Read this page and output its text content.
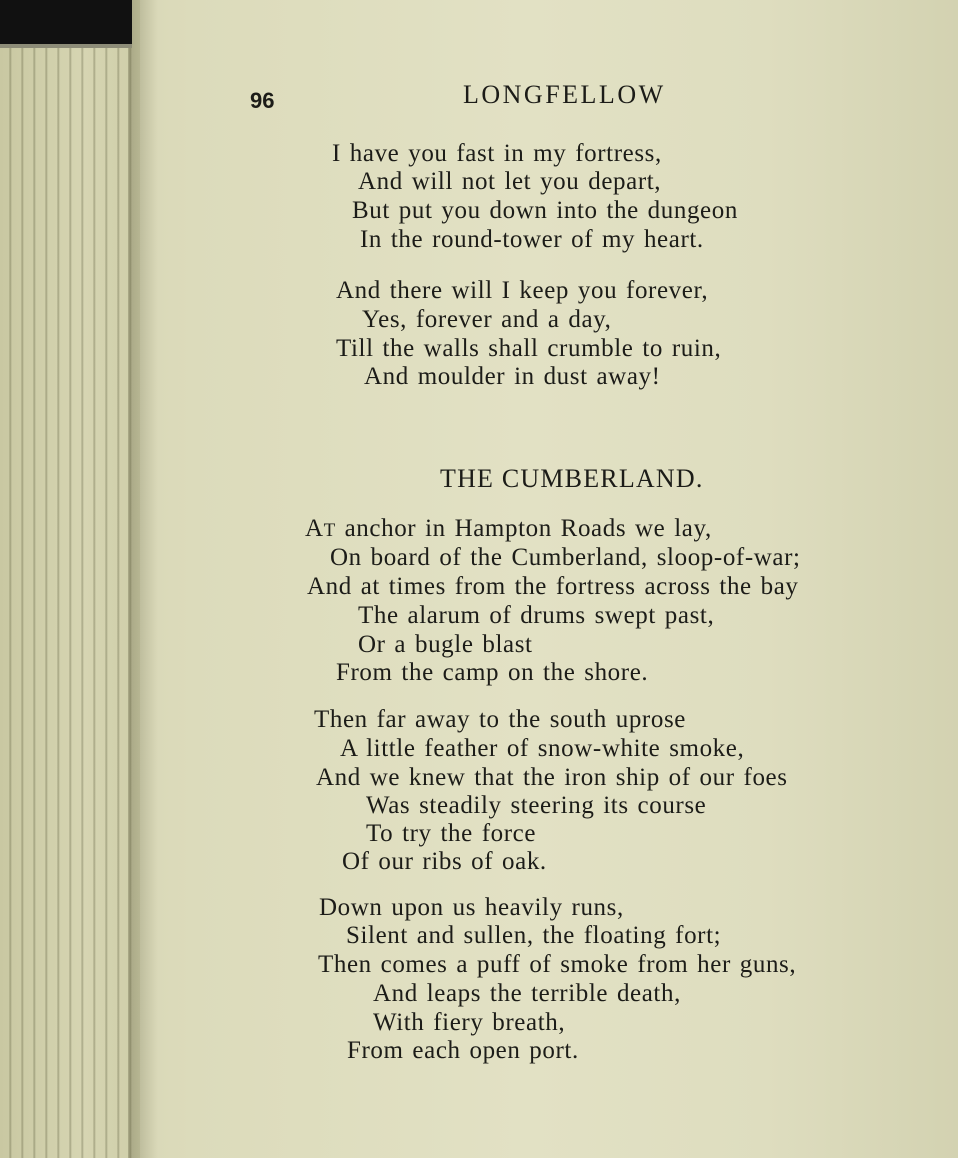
96	LONGFELLOW
I have you fast in my fortress,
And will not let you depart,
But put you down into the dungeon
In the round-tower of my heart.
And there will I keep you forever,
Yes, forever and a day,
Till the walls shall crumble to ruin,
And moulder in dust away!
THE CUMBERLAND.
AT anchor in Hampton Roads we lay,
On board of the Cumberland, sloop-of-war;
And at times from the fortress across the bay
The alarum of drums swept past,
Or a bugle blast
From the camp on the shore.
Then far away to the south uprose
A little feather of snow-white smoke,
And we knew that the iron ship of our foes
Was steadily steering its course
To try the force
Of our ribs of oak.
Down upon us heavily runs,
Silent and sullen, the floating fort;
Then comes a puff of smoke from her guns,
And leaps the terrible death,
With fiery breath,
From each open port.
